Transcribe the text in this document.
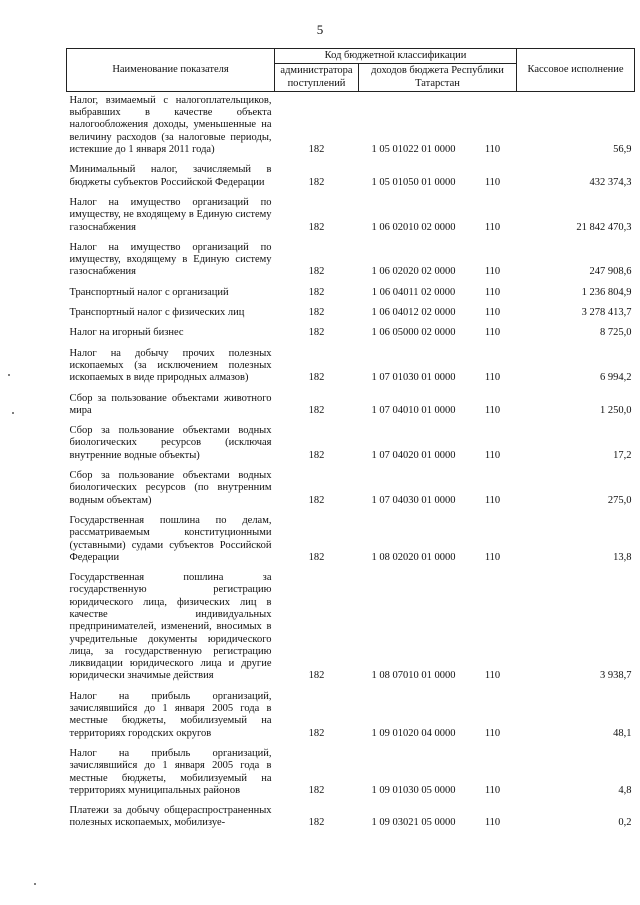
5
Наименование показателя	Код бюджетной классификации			Кассовое исполнение
	администратора поступлений	доходов бюджета Республики Татарстан		
Налог, взимаемый с налогоплательщиков, выбравших в качестве объекта налогообложения доходы, уменьшенные на величину расходов (за налоговые периоды, истекшие до 1 января 2011 года)	182	1 05 01022 01 0000	110	56,9
Минимальный налог, зачисляемый в бюджеты субъектов Российской Федерации	182	1 05 01050 01 0000	110	432 374,3
Налог на имущество организаций по имуществу, не входящему в Единую систему газоснабжения	182	1 06 02010 02 0000	110	21 842 470,3
Налог на имущество организаций по имуществу, входящему в Единую систему газоснабжения	182	1 06 02020 02 0000	110	247 908,6
Транспортный налог с организаций	182	1 06 04011 02 0000	110	1 236 804,9
Транспортный налог с физических лиц	182	1 06 04012 02 0000	110	3 278 413,7
Налог на игорный бизнес	182	1 06 05000 02 0000	110	8 725,0
Налог на добычу прочих полезных ископаемых (за исключением полезных ископаемых в виде природных алмазов)	182	1 07 01030 01 0000	110	6 994,2
Сбор за пользование объектами животного мира	182	1 07 04010 01 0000	110	1 250,0
Сбор за пользование объектами водных биологических ресурсов (исключая внутренние водные объекты)	182	1 07 04020 01 0000	110	17,2
Сбор за пользование объектами водных биологических ресурсов (по внутренним водным объектам)	182	1 07 04030 01 0000	110	275,0
Государственная пошлина по делам, рассматриваемым конституционными (уставными) судами субъектов Российской Федерации	182	1 08 02020 01 0000	110	13,8
Государственная пошлина за государственную регистрацию юридического лица, физических лиц в качестве индивидуальных предпринимателей, изменений, вносимых в учредительные документы юридического лица, за государственную регистрацию ликвидации юридического лица и другие юридически значимые действия	182	1 08 07010 01 0000	110	3 938,7
Налог на прибыль организаций, зачислявшийся до 1 января 2005 года в местные бюджеты, мобилизуемый на территориях городских округов	182	1 09 01020 04 0000	110	48,1
Налог на прибыль организаций, зачислявшийся до 1 января 2005 года в местные бюджеты, мобилизуемый на территориях муниципальных районов	182	1 09 01030 05 0000	110	4,8
Платежи за добычу общераспространенных полезных ископаемых, мобилизуе-	182	1 09 03021 05 0000	110	0,2
